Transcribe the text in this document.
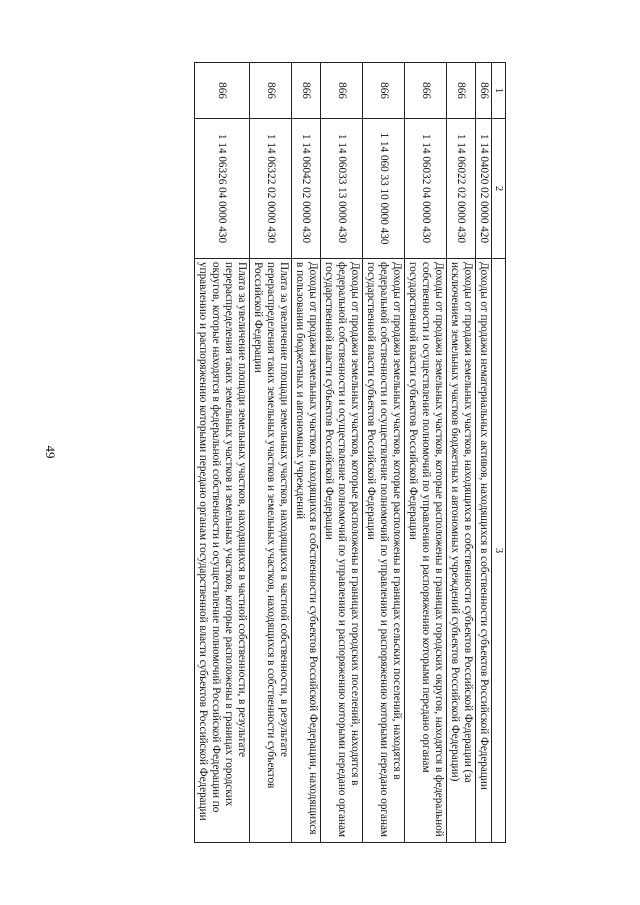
49
1	2	3
866	1 14 04020 02 0000 420	Доходы от продажи нематериальных активов, находящихся в собственности субъектов Российской Федерации
866	1 14 06022 02 0000 430	Доходы от продажи земельных участков, находящихся в собственности субъектов Российской Федерации (за исключением земельных участков бюджетных и автономных учреждений субъектов Российской Федерации)
866	1 14 06032 04 0000 430	Доходы от продажи земельных участков, которые расположены в границах городских округов, находятся в федеральной собственности и осуществление полномочий по управлению и распоряжению которыми передано органам государственной власти субъектов Российской Федерации
866	1 14 060 33 10 0000 430	Доходы от продажи земельных участков, которые расположены в границах сельских поселений, находятся в федеральной собственности и осуществление полномочий по управлению и распоряжению которыми передано органам государственной власти субъектов Российской Федерации
866	1 14 06033 13 0000 430	Доходы от продажи земельных участков, которые расположены в границах городских поселений, находятся в федеральной собственности и осуществление полномочий по управлению и распоряжению которыми передано органам государственной власти субъектов Российской Федерации
866	1 14 06042 02 0000 430	Доходы от продажи земельных участков, находящихся в собственности субъектов Российской Федерации, находящихся в пользовании бюджетных и автономных учреждений
866	1 14 06322 02 0000 430	Плата за увеличение площади земельных участков, находящихся в частной собственности, в результате перераспределения таких земельных участков и земельных участков, находящихся в собственности субъектов Российской Федерации
866	1 14 06326 04 0000 430	Плата за увеличение площади земельных участков, находящихся в частной собственности, в результате перераспределения таких земельных участков и земельных участков, которые расположены в границах городских округов, которые находятся в федеральной собственности и осуществление полномочий Российской Федерации по управлению и распоряжению которыми передано органам государственной власти субъектов Российской Федерации
